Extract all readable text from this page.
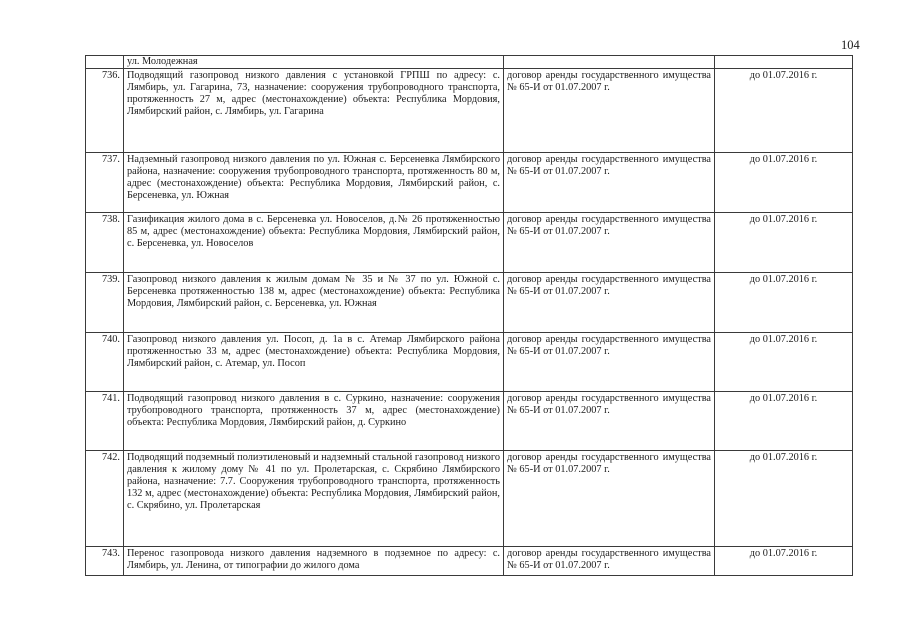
104
	ул. Молодежная		
736.	Подводящий газопровод низкого давления с установкой ГРПШ по адресу: с. Лямбирь, ул. Гагарина, 73, назначение: сооружения трубопроводного транспорта, протяженность 27 м, адрес (местонахождение) объекта: Республика Мордовия, Лямбирский район, с. Лямбирь, ул. Гагарина	договор аренды государственного имущества № 65-И от 01.07.2007 г.	до 01.07.2016 г.
737.	Надземный газопровод низкого давления по ул. Южная с. Берсеневка Лямбирского района, назначение: сооружения трубопроводного транспорта, протяженность 80 м, адрес (местонахождение) объекта: Республика Мордовия, Лямбирский район, с. Берсеневка, ул. Южная	договор аренды государственного имущества № 65-И от 01.07.2007 г.	до 01.07.2016 г.
738.	Газификация жилого дома в с. Берсеневка ул. Новоселов, д.№ 26 протяженностью 85 м, адрес (местонахождение) объекта: Республика Мордовия, Лямбирский район, с. Берсеневка, ул. Новоселов	договор аренды государственного имущества № 65-И от 01.07.2007 г.	до 01.07.2016 г.
739.	Газопровод низкого давления к жилым домам № 35 и № 37 по ул. Южной с. Берсеневка протяженностью 138 м, адрес (местонахождение) объекта: Республика Мордовия, Лямбирский район, с. Берсеневка, ул. Южная	договор аренды государственного имущества № 65-И от 01.07.2007 г.	до 01.07.2016 г.
740.	Газопровод низкого давления ул. Посоп, д. 1а в с. Атемар Лямбирского района протяженностью 33 м, адрес (местонахождение) объекта: Республика Мордовия, Лямбирский район, с. Атемар, ул. Посоп	договор аренды государственного имущества № 65-И от 01.07.2007 г.	до 01.07.2016 г.
741.	Подводящий газопровод низкого давления в с. Суркино, назначение: сооружения трубопроводного транспорта, протяженность 37 м, адрес (местонахождение) объекта: Республика Мордовия, Лямбирский район, д. Суркино	договор аренды государственного имущества № 65-И от 01.07.2007 г.	до 01.07.2016 г.
742.	Подводящий подземный полиэтиленовый и надземный стальной газопровод низкого давления к жилому дому № 41 по ул. Пролетарская, с. Скрябино Лямбирского района, назначение: 7.7. Сооружения трубопроводного транспорта, протяженность 132 м, адрес (местонахождение) объекта: Республика Мордовия, Лямбирский район, с. Скрябино, ул. Пролетарская	договор аренды государственного имущества № 65-И от 01.07.2007 г.	до 01.07.2016 г.
743.	Перенос газопровода низкого давления надземного в подземное по адресу: с. Лямбирь, ул. Ленина, от типографии до жилого дома	договор аренды государственного имущества № 65-И от 01.07.2007 г.	до 01.07.2016 г.
